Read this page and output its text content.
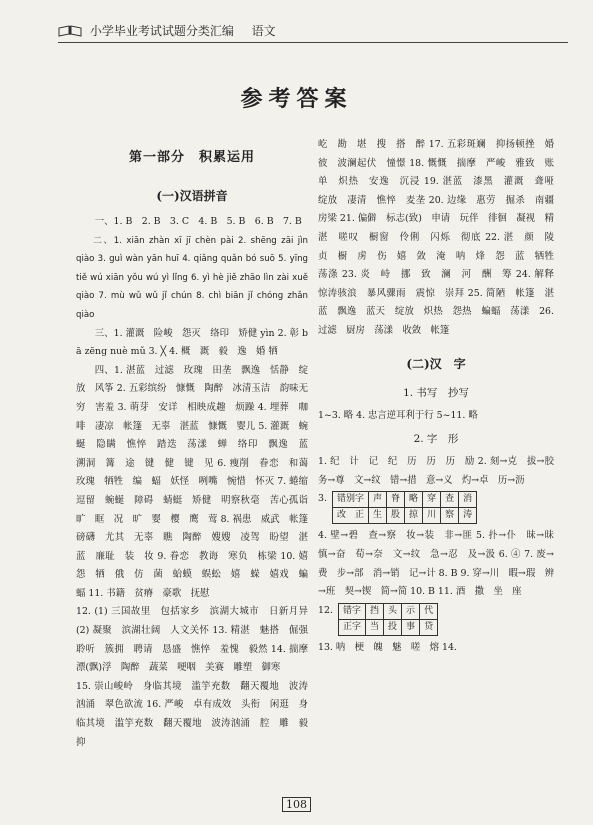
小学毕业考试试题分类汇编 语文
参考答案
第一部分　积累运用
(一)汉语拼音
一、1. B　2. B　3. C　4. B　5. B　6. B　7. B
二、1. xiān zhàn xī jī chèn pài 2. shēng zāi jìn qiào 3. guì wàn yān huī 4. qiǎng quǎn bó suō 5. yīng tiě wú xiān yǒu wú yì lǐng 6. yì hè jiě zhāo lìn zài xuě qiào 7. mù wǔ wǔ jǐ chún 8. chì biān jǐ chóng zhǎn qiào
三、1. 灌溉　险峻　怨灭　络印　矫健 yìn 2. 彰 bā zēng nuè mǔ 3. ╳ 4. 概　溉　毅　逸　婚 牺
四、1. 湛蓝　过滤　玫瑰　田垄　飘逸　恬静　绽放　风筝 2. 五彩缤纷　慷慨　陶醉　冰清玉洁　韵味无穷　害羞 3. 萌芽　安详　相映成趣　烦躁 4. 埋葬　咖啡　凄凉　帐篷　无辜　湛蓝　慷慨　婴儿 5. 灌溉　蜿蜒　隐瞒　憔悴　踏迭　荡漾　蝉　络印　飘逸　蓝　溯洞　篝　途　键　健　键　见 6. 瘦削　眷恋　和蔼　玫瑰　牺牲　编　蝠　妖怪　咧嘴　惋惜　怀灭 7. 蜷缩　逗留　蜿蜒　障碍　蜻蜓　矫健　明察秋毫　苦心孤诣　旷　眶　况　旷　婴　樱　鹰　莺 8. 祸患　威武　帐篷　磅礴　尤其　无辜　瞧　陶醉　嫂嫂　凌驾　盼望　湛蓝　廉耻　装　妆 9. 眷恋　教诲　寒负　栋梁 10. 嬉　怨　牺　俄　仿　菌　蛤蟆　蜈蚣　嬉　蝾　嬉戏　蝙蝠 11. 书籍　贫瘠　豪歌　抚慰
12. (1) 三国故里　包括家乡　滨湖大城市　日新月异 (2) 凝聚　滨湖壮阔　人文关怀 13. 精湛　魅搭　倔强　聆听　簇拥　聘请　恳盛　憔悴　羞愧　毅然 14. 揣摩　漂(飘)浮　陶醉　蔬菜　哽咽　美赛　雕塑　御寒
15. 崇山峻岭　身临其境　滥竽充数　翻天覆地　波涛汹涌　翠色欲流 16. 严峻　卓有成效　头衔　闲逛　身临其境　滥竽充数　翻天覆地　波涛汹涌　腔　雕　毅　抑
屹　勘　堪　搜　搭　醉 17. 五彩斑斓　抑扬顿挫　婚彼　波澜起伏　憧憬 18. 慨慨　揣摩　严峻　雅致　账　单　炽热　安逸　沉浸 19. 湛蓝　漆黑　灌溉　聋哑　绽放　凄清　憔悴　麦垄 20. 边缘　惠劳　掘杀　南疆　房梁 21. 偏僻　标志(致)　申请　玩伴　徘徊　凝视　精湛　嗟叹　橱窗　伶俐　闪烁　彻底 22. 湛　颜　陵　贞　橱　虏　伤　嬉　敛　淹　呐　烽　怨　蓝　牺牲　荡涤 23. 炎　峙　挪　致　澜　河　酬　筹 24. 解释　惊涛骇浪　暴风骤雨　震惊　崇拜 25. 简陋　帐篷　湛蓝　飘逸　蓝天　绽放　炽热　怨热　蝙蝠　荡漾　26. 过滤　厨房　荡漾　收敛　帐篷
(二)汉　字
1. 书写　抄写
1~3. 略 4. 忠言逆耳利于行 5~11. 略
2. 字　形
1. 纪　计　记　纪　历　历　历　励 2. 刻→克　拔→胶　务→尊　文→纹　错→措　意→义　灼→卓　历→沥
3. 错别字	声	脊	略	穿	查	消
改　正	生	股	掠	川	察	涛
4. 壁→碧　查→察　妆→装　非→匪 5. 扑→仆　昧→昧　慎→奋　荀→奈　文→纹　急→忍　及→汲 6. ④ 7. 废→费　步→部　消→销　记→计 8. B 9. 穿→川　暇→瑕　辨→班　契→锲　简→简 10. B 11. 酒　撒　坐　座
12. 错字	挡	头	示	代
正字	当	投	事	贷
13. 呐　梗　魄　魅　嗟　熔 14.
108
